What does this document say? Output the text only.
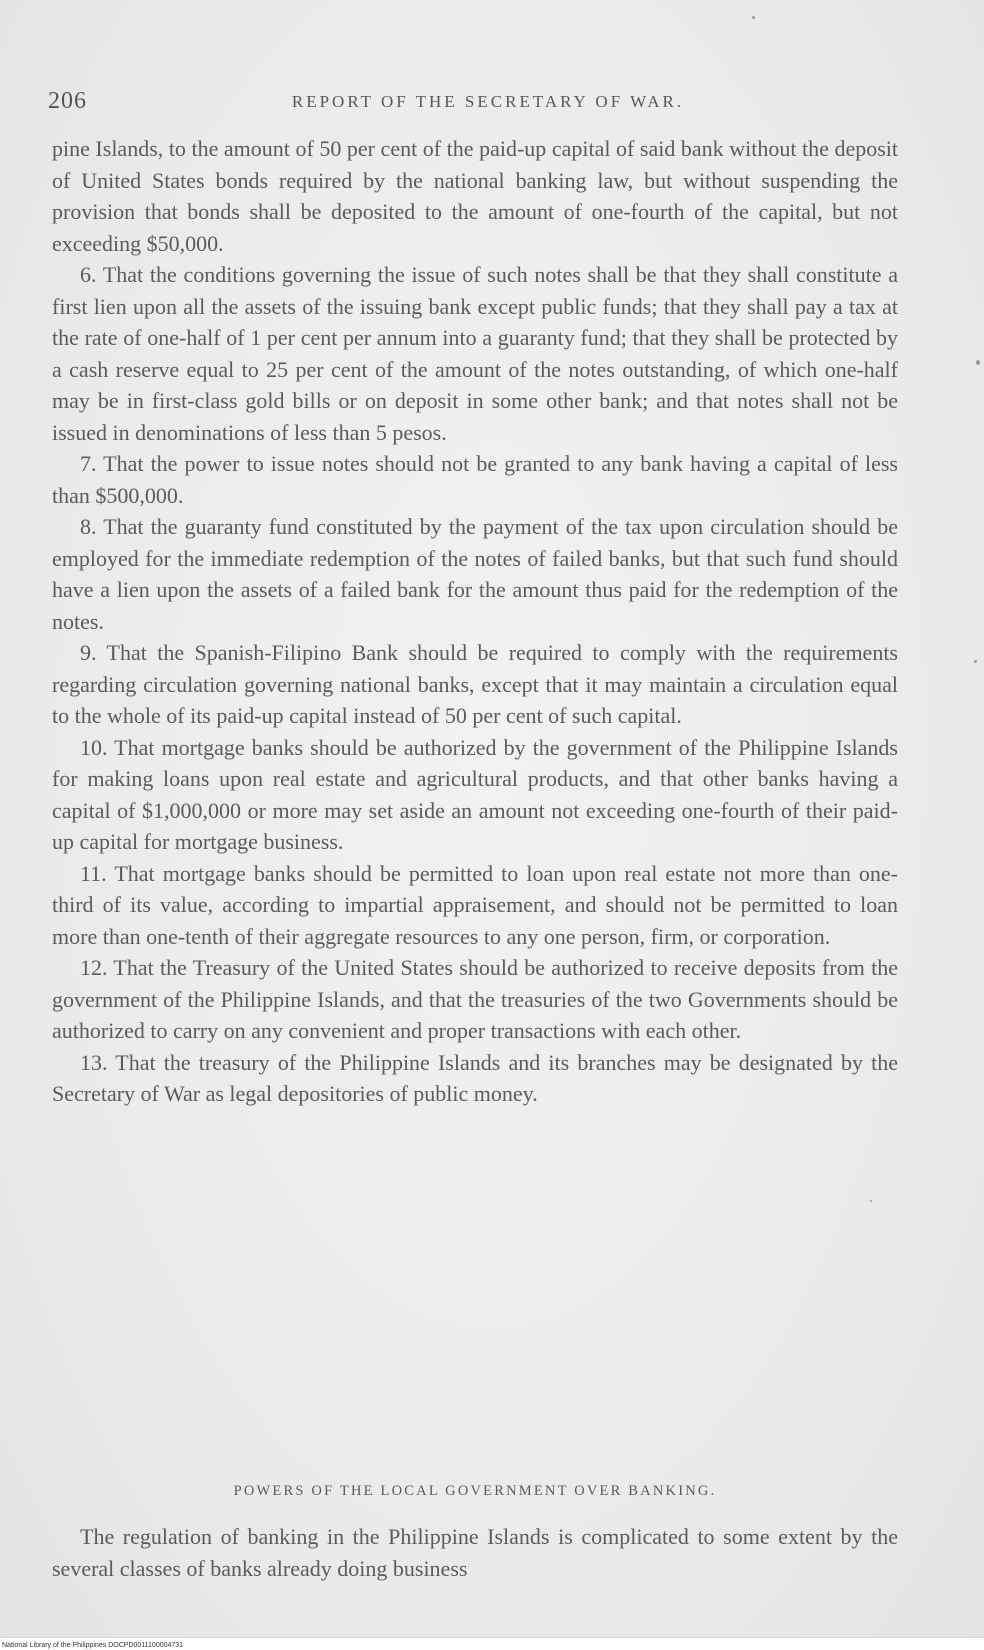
206	REPORT OF THE SECRETARY OF WAR.

pine Islands, to the amount of 50 per cent of the paid-up capital of said bank without the deposit of United States bonds required by the national banking law, but without suspending the provision that bonds shall be deposited to the amount of one-fourth of the capital, but not exceeding $50,000.

6. That the conditions governing the issue of such notes shall be that they shall constitute a first lien upon all the assets of the issuing bank except public funds; that they shall pay a tax at the rate of one-half of 1 per cent per annum into a guaranty fund; that they shall be protected by a cash reserve equal to 25 per cent of the amount of the notes outstanding, of which one-half may be in first-class gold bills or on deposit in some other bank; and that notes shall not be issued in denominations of less than 5 pesos.

7. That the power to issue notes should not be granted to any bank having a capital of less than $500,000.

8. That the guaranty fund constituted by the payment of the tax upon circulation should be employed for the immediate redemption of the notes of failed banks, but that such fund should have a lien upon the assets of a failed bank for the amount thus paid for the redemption of the notes.

9. That the Spanish-Filipino Bank should be required to comply with the requirements regarding circulation governing national banks, except that it may maintain a circulation equal to the whole of its paid-up capital instead of 50 per cent of such capital.

10. That mortgage banks should be authorized by the government of the Philippine Islands for making loans upon real estate and agricultural products, and that other banks having a capital of $1,000,000 or more may set aside an amount not exceeding one-fourth of their paid-up capital for mortgage business.

11. That mortgage banks should be permitted to loan upon real estate not more than one-third of its value, according to impartial appraisement, and should not be permitted to loan more than one-tenth of their aggregate resources to any one person, firm, or corporation.

12. That the Treasury of the United States should be authorized to receive deposits from the government of the Philippine Islands, and that the treasuries of the two Governments should be authorized to carry on any convenient and proper transactions with each other.

13. That the treasury of the Philippine Islands and its branches may be designated by the Secretary of War as legal depositories of public money.

POWERS OF THE LOCAL GOVERNMENT OVER BANKING.

The regulation of banking in the Philippine Islands is complicated to some extent by the several classes of banks already doing business

National Library of the Philippines DOCPD0011100004731
